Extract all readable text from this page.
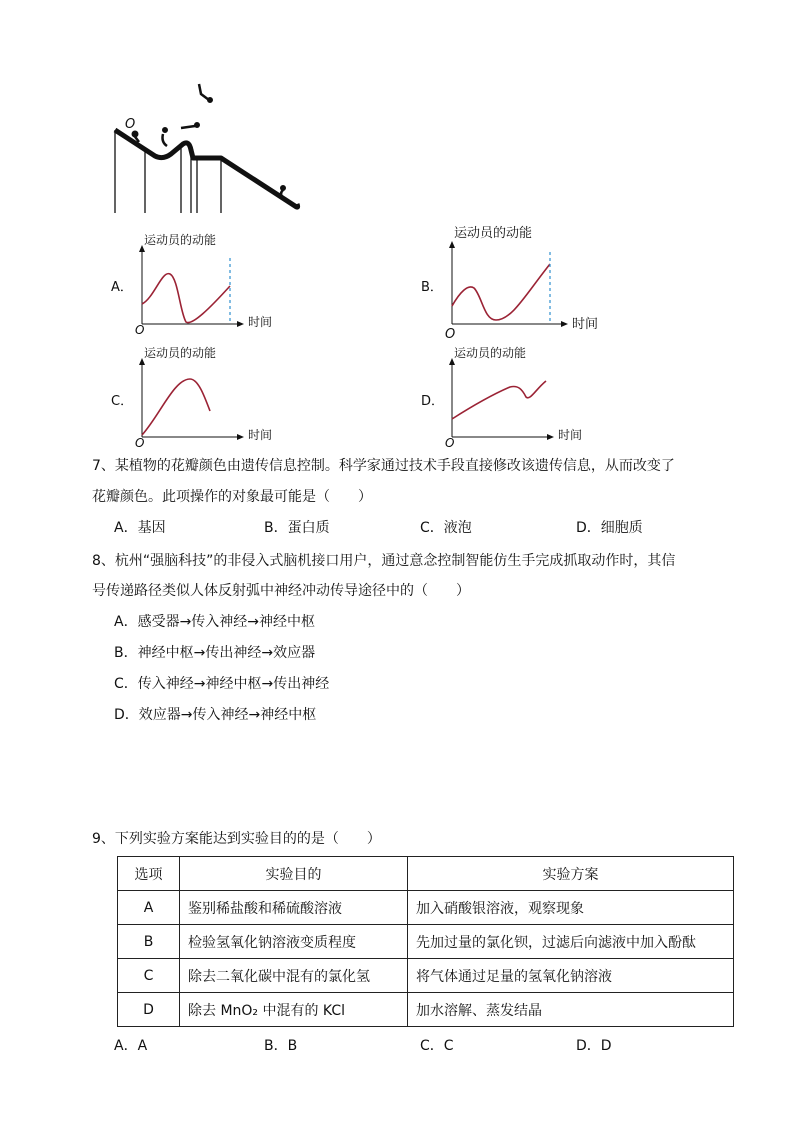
O
A．
运动员的动能
O
时间
B．
运动员的动能
O
时间
C．
运动员的动能
O
时间
D．
运动员的动能
O
时间
7、某植物的花瓣颜色由遗传信息控制。科学家通过技术手段直接修改该遗传信息，从而改变了
花瓣颜色。此项操作的对象最可能是（　　）
A．基因	B．蛋白质	C．液泡	D．细胞质
8、杭州“强脑科技”的非侵入式脑机接口用户，通过意念控制智能仿生手完成抓取动作时，其信
号传递路径类似人体反射弧中神经冲动传导途径中的（　　）
A．感受器→传入神经→神经中枢
B．神经中枢→传出神经→效应器
C．传入神经→神经中枢→传出神经
D．效应器→传入神经→神经中枢
9、下列实验方案能达到实验目的的是（　　）
选项	实验目的	实验方案
A	鉴别稀盐酸和稀硫酸溶液	加入硝酸银溶液，观察现象
B	检验氢氧化钠溶液变质程度	先加过量的氯化钡，过滤后向滤液中加入酚酞
C	除去二氧化碳中混有的氯化氢	将气体通过足量的氢氧化钠溶液
D	除去 MnO₂ 中混有的 KCl	加水溶解、蒸发结晶
A．A	B．B	C．C	D．D
